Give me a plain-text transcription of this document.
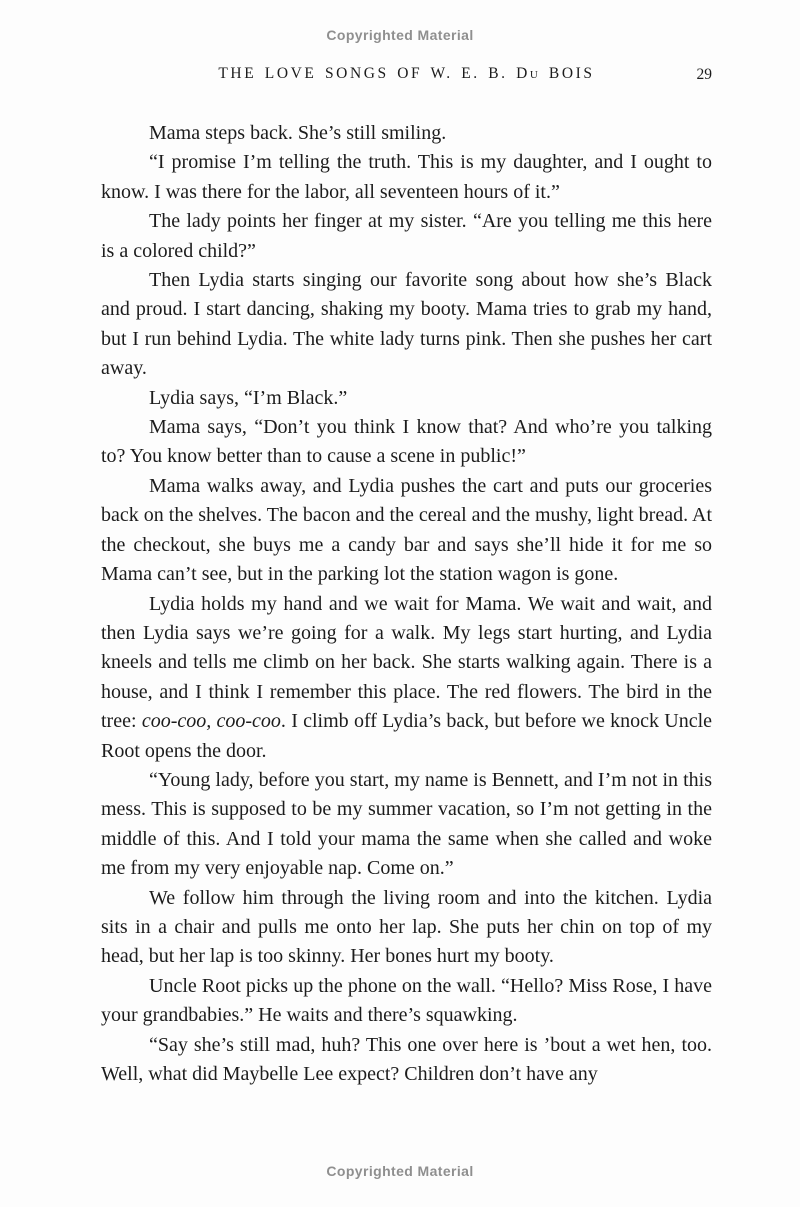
Copyrighted Material
THE LOVE SONGS OF W. E. B. Du BOIS	29

Mama steps back. She’s still smiling.

“I promise I’m telling the truth. This is my daughter, and I ought to know. I was there for the labor, all seventeen hours of it.”

The lady points her finger at my sister. “Are you telling me this here is a colored child?”

Then Lydia starts singing our favorite song about how she’s Black and proud. I start dancing, shaking my booty. Mama tries to grab my hand, but I run behind Lydia. The white lady turns pink. Then she pushes her cart away.

Lydia says, “I’m Black.”

Mama says, “Don’t you think I know that? And who’re you talking to? You know better than to cause a scene in public!”

Mama walks away, and Lydia pushes the cart and puts our groceries back on the shelves. The bacon and the cereal and the mushy, light bread. At the checkout, she buys me a candy bar and says she’ll hide it for me so Mama can’t see, but in the parking lot the station wagon is gone.

Lydia holds my hand and we wait for Mama. We wait and wait, and then Lydia says we’re going for a walk. My legs start hurting, and Lydia kneels and tells me climb on her back. She starts walking again. There is a house, and I think I remember this place. The red flowers. The bird in the tree: coo-coo, coo-coo. I climb off Lydia’s back, but before we knock Uncle Root opens the door.

“Young lady, before you start, my name is Bennett, and I’m not in this mess. This is supposed to be my summer vacation, so I’m not getting in the middle of this. And I told your mama the same when she called and woke me from my very enjoyable nap. Come on.”

We follow him through the living room and into the kitchen. Lydia sits in a chair and pulls me onto her lap. She puts her chin on top of my head, but her lap is too skinny. Her bones hurt my booty.

Uncle Root picks up the phone on the wall. “Hello? Miss Rose, I have your grandbabies.” He waits and there’s squawking.

“Say she’s still mad, huh? This one over here is ’bout a wet hen, too. Well, what did Maybelle Lee expect? Children don’t have any

Copyrighted Material
